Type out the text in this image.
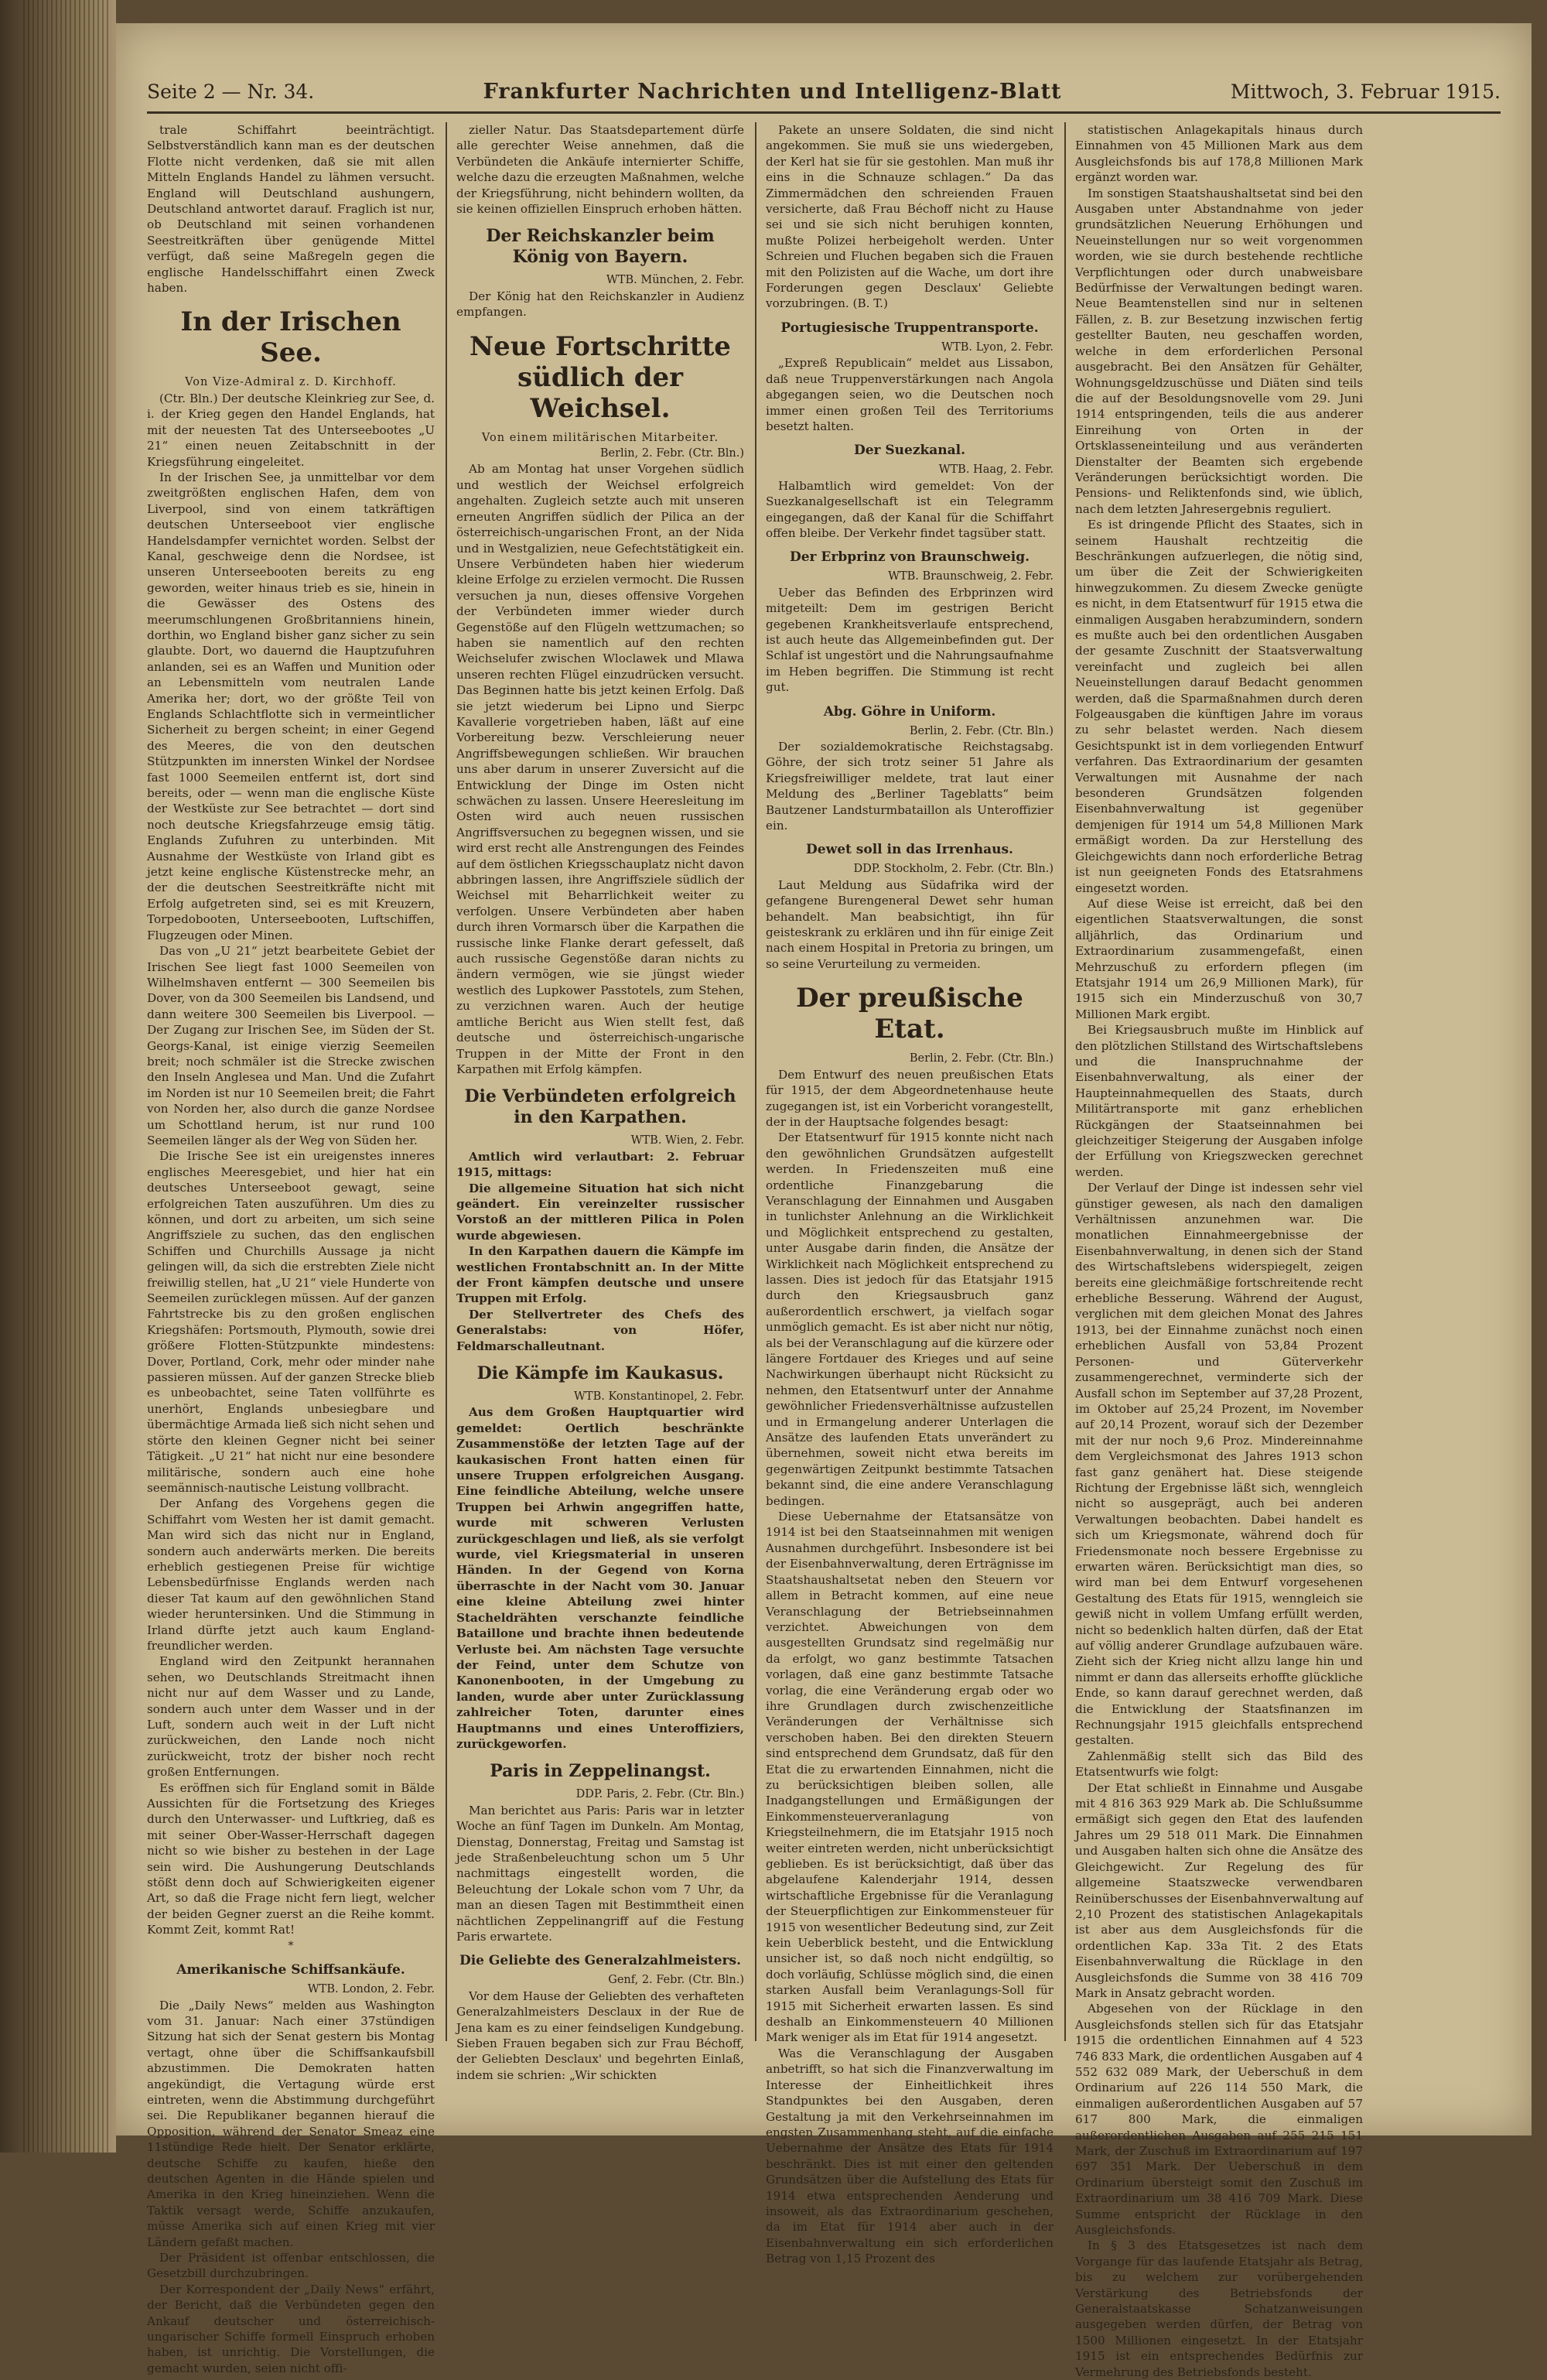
Seite 2 — Nr. 34.	Frankfurter Nachrichten und Intelligenz-Blatt	Mittwoch, 3. Februar 1915.

trale Schiffahrt beeinträchtigt. Selbstverständlich kann man es der deutschen Flotte nicht verdenken, daß sie mit allen Mitteln Englands Handel zu lähmen versucht. England will Deutschland aushungern, Deutschland antwortet darauf. Fraglich ist nur, ob Deutschland mit seinen vorhandenen Seestreitkräften über genügende Mittel verfügt, daß seine Maßregeln gegen die englische Handelsschiffahrt einen Zweck haben.

In der Irischen See.

Von Vize-Admiral z. D. Kirchhoff.

(Ctr. Bln.) Der deutsche Kleinkrieg zur See, d. i. der Krieg gegen den Handel Englands, hat mit der neuesten Tat des Unterseebootes „U 21“ einen neuen Zeitabschnitt in der Kriegsführung eingeleitet.

In der Irischen See, ja unmittelbar vor dem zweitgrößten englischen Hafen, dem von Liverpool, sind von einem tatkräftigen deutschen Unterseeboot vier englische Handelsdampfer vernichtet worden. Selbst der Kanal, geschweige denn die Nordsee, ist unseren Unterseebooten bereits zu eng geworden, weiter hinaus trieb es sie, hinein in die Gewässer des Ostens des meerumschlungenen Großbritanniens hinein, dorthin, wo England bisher ganz sicher zu sein glaubte. Dort, wo dauernd die Hauptzufuhren anlanden, sei es an Waffen und Munition oder an Lebensmitteln vom neutralen Lande Amerika her; dort, wo der größte Teil von Englands Schlachtflotte sich in vermeintlicher Sicherheit zu bergen scheint; in einer Gegend des Meeres, die von den deutschen Stützpunkten im innersten Winkel der Nordsee fast 1000 Seemeilen entfernt ist, dort sind bereits, oder — wenn man die englische Küste der Westküste zur See betrachtet — dort sind noch deutsche Kriegsfahrzeuge emsig tätig. Englands Zufuhren zu unterbinden. Mit Ausnahme der Westküste von Irland gibt es jetzt keine englische Küstenstrecke mehr, an der die deutschen Seestreitkräfte nicht mit Erfolg aufgetreten sind, sei es mit Kreuzern, Torpedobooten, Unterseebooten, Luftschiffen, Flugzeugen oder Minen.

Das von „U 21“ jetzt bearbeitete Gebiet der Irischen See liegt fast 1000 Seemeilen von Wilhelmshaven entfernt — 300 Seemeilen bis Dover, von da 300 Seemeilen bis Landsend, und dann weitere 300 Seemeilen bis Liverpool. — Der Zugang zur Irischen See, im Süden der St. Georgs-Kanal, ist einige vierzig Seemeilen breit; noch schmäler ist die Strecke zwischen den Inseln Anglesea und Man. Und die Zufahrt im Norden ist nur 10 Seemeilen breit; die Fahrt von Norden her, also durch die ganze Nordsee um Schottland herum, ist nur rund 100 Seemeilen länger als der Weg von Süden her.

Die Irische See ist ein ureigenstes inneres englisches Meeresgebiet, und hier hat ein deutsches Unterseeboot gewagt, seine erfolgreichen Taten auszuführen. Um dies zu können, und dort zu arbeiten, um sich seine Angriffsziele zu suchen, das den englischen Schiffen und Churchills Aussage ja nicht gelingen will, da sich die erstrebten Ziele nicht freiwillig stellen, hat „U 21“ viele Hunderte von Seemeilen zurücklegen müssen. Auf der ganzen Fahrtstrecke bis zu den großen englischen Kriegshäfen: Portsmouth, Plymouth, sowie drei größere Flotten-Stützpunkte mindestens: Dover, Portland, Cork, mehr oder minder nahe passieren müssen. Auf der ganzen Strecke blieb es unbeobachtet, seine Taten vollführte es unerhört, Englands unbesiegbare und übermächtige Armada ließ sich nicht sehen und störte den kleinen Gegner nicht bei seiner Tätigkeit. „U 21“ hat nicht nur eine besondere militärische, sondern auch eine hohe seemännisch-nautische Leistung vollbracht.

Der Anfang des Vorgehens gegen die Schiffahrt vom Westen her ist damit gemacht. Man wird sich das nicht nur in England, sondern auch anderwärts merken. Die bereits erheblich gestiegenen Preise für wichtige Lebensbedürfnisse Englands werden nach dieser Tat kaum auf den gewöhnlichen Stand wieder heruntersinken. Und die Stimmung in Irland dürfte jetzt auch kaum England-freundlicher werden.

England wird den Zeitpunkt herannahen sehen, wo Deutschlands Streitmacht ihnen nicht nur auf dem Wasser und zu Lande, sondern auch unter dem Wasser und in der Luft, sondern auch weit in der Luft nicht zurückweichen, den Lande noch nicht zurückweicht, trotz der bisher noch recht großen Entfernungen.

Es eröffnen sich für England somit in Bälde Aussichten für die Fortsetzung des Krieges durch den Unterwasser- und Luftkrieg, daß es mit seiner Ober-Wasser-Herrschaft dagegen nicht so wie bisher zu bestehen in der Lage sein wird. Die Aushungerung Deutschlands stößt denn doch auf Schwierigkeiten eigener Art, so daß die Frage nicht fern liegt, welcher der beiden Gegner zuerst an die Reihe kommt. Kommt Zeit, kommt Rat!

*

Amerikanische Schiffsankäufe.

WTB. London, 2. Febr.

Die „Daily News“ melden aus Washington vom 31. Januar: Nach einer 37stündigen Sitzung hat sich der Senat gestern bis Montag vertagt, ohne über die Schiffsankaufsbill abzustimmen. Die Demokraten hatten angekündigt, die Vertagung würde erst eintreten, wenn die Abstimmung durchgeführt sei. Die Republikaner begannen hierauf die Opposition, während der Senator Smeaz eine 11stündige Rede hielt. Der Senator erklärte, deutsche Schiffe zu kaufen, hieße den deutschen Agenten in die Hände spielen und Amerika in den Krieg hineinziehen. Wenn die Taktik versagt werde, Schiffe anzukaufen, müsse Amerika sich auf einen Krieg mit vier Ländern gefaßt machen.

Der Präsident ist offenbar entschlossen, die Gesetzbill durchzubringen.

Der Korrespondent der „Daily News“ erfährt, der Bericht, daß die Verbündeten gegen den Ankauf deutscher und österreichisch-ungarischer Schiffe formell Einspruch erhoben haben, ist unrichtig. Die Vorstellungen, die gemacht wurden, seien nicht offi-

zieller Natur. Das Staatsdepartement dürfe alle gerechter Weise annehmen, daß die Verbündeten die Ankäufe internierter Schiffe, welche dazu die erzeugten Maßnahmen, welche der Kriegsführung, nicht behindern wollten, da sie keinen offiziellen Einspruch erhoben hätten.

Der Reichskanzler beim König von Bayern.

WTB. München, 2. Febr.

Der König hat den Reichskanzler in Audienz empfangen.

Neue Fortschritte südlich der Weichsel.

Von einem militärischen Mitarbeiter.

Berlin, 2. Febr. (Ctr. Bln.)

Ab am Montag hat unser Vorgehen südlich und westlich der Weichsel erfolgreich angehalten. Zugleich setzte auch mit unseren erneuten Angriffen südlich der Pilica an der österreichisch-ungarischen Front, an der Nida und in Westgalizien, neue Gefechtstätigkeit ein. Unsere Verbündeten haben hier wiederum kleine Erfolge zu erzielen vermocht. Die Russen versuchen ja nun, dieses offensive Vorgehen der Verbündeten immer wieder durch Gegenstöße auf den Flügeln wettzumachen; so haben sie namentlich auf den rechten Weichselufer zwischen Wloclawek und Mlawa unseren rechten Flügel einzudrücken versucht. Das Beginnen hatte bis jetzt keinen Erfolg. Daß sie jetzt wiederum bei Lipno und Sierpc Kavallerie vorgetrieben haben, läßt auf eine Vorbereitung bezw. Verschleierung neuer Angriffsbewegungen schließen. Wir brauchen uns aber darum in unserer Zuversicht auf die Entwicklung der Dinge im Osten nicht schwächen zu lassen. Unsere Heeresleitung im Osten wird auch neuen russischen Angriffsversuchen zu begegnen wissen, und sie wird erst recht alle Anstrengungen des Feindes auf dem östlichen Kriegsschauplatz nicht davon abbringen lassen, ihre Angriffsziele südlich der Weichsel mit Beharrlichkeit weiter zu verfolgen. Unsere Verbündeten aber haben durch ihren Vormarsch über die Karpathen die russische linke Flanke derart gefesselt, daß auch russische Gegenstöße daran nichts zu ändern vermögen, wie sie jüngst wieder westlich des Lupkower Passtotels, zum Stehen, zu verzichnen waren. Auch der heutige amtliche Bericht aus Wien stellt fest, daß deutsche und österreichisch-ungarische Truppen in der Mitte der Front in den Karpathen mit Erfolg kämpfen.

Die Verbündeten erfolgreich in den Karpathen.

WTB. Wien, 2. Febr.

Amtlich wird verlautbart: 2. Februar 1915, mittags:

Die allgemeine Situation hat sich nicht geändert. Ein vereinzelter russischer Vorstoß an der mittleren Pilica in Polen wurde abgewiesen.

In den Karpathen dauern die Kämpfe im westlichen Frontabschnitt an. In der Mitte der Front kämpfen deutsche und unsere Truppen mit Erfolg.

Der Stellvertreter des Chefs des Generalstabs: von Höfer, Feldmarschalleutnant.

Die Kämpfe im Kaukasus.

WTB. Konstantinopel, 2. Febr.

Aus dem Großen Hauptquartier wird gemeldet: Oertlich beschränkte Zusammenstöße der letzten Tage auf der kaukasischen Front hatten einen für unsere Truppen erfolgreichen Ausgang. Eine feindliche Abteilung, welche unsere Truppen bei Arhwin angegriffen hatte, wurde mit schweren Verlusten zurückgeschlagen und ließ, als sie verfolgt wurde, viel Kriegsmaterial in unseren Händen. In der Gegend von Korna überraschte in der Nacht vom 30. Januar eine kleine Abteilung zwei hinter Stacheldrähten verschanzte feindliche Bataillone und brachte ihnen bedeutende Verluste bei. Am nächsten Tage versuchte der Feind, unter dem Schutze von Kanonenbooten, in der Umgebung zu landen, wurde aber unter Zurücklassung zahlreicher Toten, darunter eines Hauptmanns und eines Unteroffiziers, zurückgeworfen.

Paris in Zeppelinangst.

DDP. Paris, 2. Febr. (Ctr. Bln.)

Man berichtet aus Paris: Paris war in letzter Woche an fünf Tagen im Dunkeln. Am Montag, Dienstag, Donnerstag, Freitag und Samstag ist jede Straßenbeleuchtung schon um 5 Uhr nachmittags eingestellt worden, die Beleuchtung der Lokale schon vom 7 Uhr, da man an diesen Tagen mit Bestimmtheit einen nächtlichen Zeppelinangriff auf die Festung Paris erwartete.

Die Geliebte des Generalzahlmeisters.

Genf, 2. Febr. (Ctr. Bln.)

Vor dem Hause der Geliebten des verhafteten Generalzahlmeisters Desclaux in der Rue de Jena kam es zu einer feindseligen Kundgebung. Sieben Frauen begaben sich zur Frau Béchoff, der Geliebten Desclaux' und begehrten Einlaß, indem sie schrien: „Wir schickten

Pakete an unsere Soldaten, die sind nicht angekommen. Sie muß sie uns wiedergeben, der Kerl hat sie für sie gestohlen. Man muß ihr eins in die Schnauze schlagen.“ Da das Zimmermädchen den schreienden Frauen versicherte, daß Frau Béchoff nicht zu Hause sei und sie sich nicht beruhigen konnten, mußte Polizei herbeigeholt werden. Unter Schreien und Fluchen begaben sich die Frauen mit den Polizisten auf die Wache, um dort ihre Forderungen gegen Desclaux' Geliebte vorzubringen. (B. T.)

Portugiesische Truppentransporte.

WTB. Lyon, 2. Febr.

„Expreß Republicain“ meldet aus Lissabon, daß neue Truppenverstärkungen nach Angola abgegangen seien, wo die Deutschen noch immer einen großen Teil des Territoriums besetzt halten.

Der Suezkanal.

WTB. Haag, 2. Febr.

Halbamtlich wird gemeldet: Von der Suezkanalgesellschaft ist ein Telegramm eingegangen, daß der Kanal für die Schiffahrt offen bleibe. Der Verkehr findet tagsüber statt.

Der Erbprinz von Braunschweig.

WTB. Braunschweig, 2. Febr.

Ueber das Befinden des Erbprinzen wird mitgeteilt: Dem im gestrigen Bericht gegebenen Krankheitsverlaufe entsprechend, ist auch heute das Allgemeinbefinden gut. Der Schlaf ist ungestört und die Nahrungsaufnahme im Heben begriffen. Die Stimmung ist recht gut.

Abg. Göhre in Uniform.

Berlin, 2. Febr. (Ctr. Bln.)

Der sozialdemokratische Reichstagsabg. Göhre, der sich trotz seiner 51 Jahre als Kriegsfreiwilliger meldete, trat laut einer Meldung des „Berliner Tageblatts“ beim Bautzener Landsturmbataillon als Unteroffizier ein.

Dewet soll in das Irrenhaus.

DDP. Stockholm, 2. Febr. (Ctr. Bln.)

Laut Meldung aus Südafrika wird der gefangene Burengeneral Dewet sehr human behandelt. Man beabsichtigt, ihn für geisteskrank zu erklären und ihn für einige Zeit nach einem Hospital in Pretoria zu bringen, um so seine Verurteilung zu vermeiden.

Der preußische Etat.

Berlin, 2. Febr. (Ctr. Bln.)

Dem Entwurf des neuen preußischen Etats für 1915, der dem Abgeordnetenhause heute zugegangen ist, ist ein Vorbericht vorangestellt, der in der Hauptsache folgendes besagt:

Der Etatsentwurf für 1915 konnte nicht nach den gewöhnlichen Grundsätzen aufgestellt werden. In Friedenszeiten muß eine ordentliche Finanzgebarung die Veranschlagung der Einnahmen und Ausgaben in tunlichster Anlehnung an die Wirklichkeit und Möglichkeit entsprechend zu gestalten, unter Ausgabe darin finden, die Ansätze der Wirklichkeit nach Möglichkeit entsprechend zu lassen. Dies ist jedoch für das Etatsjahr 1915 durch den Kriegsausbruch ganz außerordentlich erschwert, ja vielfach sogar unmöglich gemacht. Es ist aber nicht nur nötig, als bei der Veranschlagung auf die kürzere oder längere Fortdauer des Krieges und auf seine Nachwirkungen überhaupt nicht Rücksicht zu nehmen, den Etatsentwurf unter der Annahme gewöhnlicher Friedensverhältnisse aufzustellen und in Ermangelung anderer Unterlagen die Ansätze des laufenden Etats unverändert zu übernehmen, soweit nicht etwa bereits im gegenwärtigen Zeitpunkt bestimmte Tatsachen bekannt sind, die eine andere Veranschlagung bedingen.

Diese Uebernahme der Etatsansätze von 1914 ist bei den Staatseinnahmen mit wenigen Ausnahmen durchgeführt. Insbesondere ist bei der Eisenbahnverwaltung, deren Erträgnisse im Staatshaushaltsetat neben den Steuern vor allem in Betracht kommen, auf eine neue Veranschlagung der Betriebseinnahmen verzichtet. Abweichungen von dem ausgestellten Grundsatz sind regelmäßig nur da erfolgt, wo ganz bestimmte Tatsachen vorlagen, daß eine ganz bestimmte Tatsache vorlag, die eine Veränderung ergab oder wo ihre Grundlagen durch zwischenzeitliche Veränderungen der Verhältnisse sich verschoben haben. Bei den direkten Steuern sind entsprechend dem Grundsatz, daß für den Etat die zu erwartenden Einnahmen, nicht die zu berücksichtigen bleiben sollen, alle Inadgangstellungen und Ermäßigungen der Einkommensteuerveranlagung von Kriegsteilnehmern, die im Etatsjahr 1915 noch weiter eintreten werden, nicht unberücksichtigt geblieben. Es ist berücksichtigt, daß über das abgelaufene Kalenderjahr 1914, dessen wirtschaftliche Ergebnisse für die Veranlagung der Steuerpflichtigen zur Einkommensteuer für 1915 von wesentlicher Bedeutung sind, zur Zeit kein Ueberblick besteht, und die Entwicklung unsicher ist, so daß noch nicht endgültig, so doch vorläufig, Schlüsse möglich sind, die einen starken Ausfall beim Veranlagungs-Soll für 1915 mit Sicherheit erwarten lassen. Es sind deshalb an Einkommensteuern 40 Millionen Mark weniger als im Etat für 1914 angesetzt.

Was die Veranschlagung der Ausgaben anbetrifft, so hat sich die Finanzverwaltung im Interesse der Einheitlichkeit ihres Standpunktes bei den Ausgaben, deren Gestaltung ja mit den Verkehrseinnahmen im engsten Zusammenhang steht, auf die einfache Uebernahme der Ansätze des Etats für 1914 beschränkt. Dies ist mit einer den geltenden Grundsätzen über die Aufstellung des Etats für 1914 etwa entsprechenden Aenderung und insoweit, als das Extraordinarium geschehen, da im Etat für 1914 aber auch in der Eisenbahnverwaltung ein sich erforderlichen Betrag von 1,15 Prozent des

statistischen Anlagekapitals hinaus durch Einnahmen von 45 Millionen Mark aus dem Ausgleichsfonds bis auf 178,8 Millionen Mark ergänzt worden war.

Im sonstigen Staatshaushaltsetat sind bei den Ausgaben unter Abstandnahme von jeder grundsätzlichen Neuerung Erhöhungen und Neueinstellungen nur so weit vorgenommen worden, wie sie durch bestehende rechtliche Verpflichtungen oder durch unabweisbare Bedürfnisse der Verwaltungen bedingt waren. Neue Beamtenstellen sind nur in seltenen Fällen, z. B. zur Besetzung inzwischen fertig gestellter Bauten, neu geschaffen worden, welche in dem erforderlichen Personal ausgebracht. Bei den Ansätzen für Gehälter, Wohnungsgeldzuschüsse und Diäten sind teils die auf der Besoldungsnovelle vom 29. Juni 1914 entspringenden, teils die aus anderer Einreihung von Orten in der Ortsklasseneinteilung und aus veränderten Dienstalter der Beamten sich ergebende Veränderungen berücksichtigt worden. Die Pensions- und Reliktenfonds sind, wie üblich, nach dem letzten Jahresergebnis reguliert.

Es ist dringende Pflicht des Staates, sich in seinem Haushalt rechtzeitig die Beschränkungen aufzuerlegen, die nötig sind, um über die Zeit der Schwierigkeiten hinwegzukommen. Zu diesem Zwecke genügte es nicht, in dem Etatsentwurf für 1915 etwa die einmaligen Ausgaben herabzumindern, sondern es mußte auch bei den ordentlichen Ausgaben der gesamte Zuschnitt der Staatsverwaltung vereinfacht und zugleich bei allen Neueinstellungen darauf Bedacht genommen werden, daß die Sparmaßnahmen durch deren Folgeausgaben die künftigen Jahre im voraus zu sehr belastet werden. Nach diesem Gesichtspunkt ist in dem vorliegenden Entwurf verfahren. Das Extraordinarium der gesamten Verwaltungen mit Ausnahme der nach besonderen Grundsätzen folgenden Eisenbahnverwaltung ist gegenüber demjenigen für 1914 um 54,8 Millionen Mark ermäßigt worden. Da zur Herstellung des Gleichgewichts dann noch erforderliche Betrag ist nun geeigneten Fonds des Etatsrahmens eingesetzt worden.

Auf diese Weise ist erreicht, daß bei den eigentlichen Staatsverwaltungen, die sonst alljährlich, das Ordinarium und Extraordinarium zusammengefaßt, einen Mehrzuschuß zu erfordern pflegen (im Etatsjahr 1914 um 26,9 Millionen Mark), für 1915 sich ein Minderzuschuß von 30,7 Millionen Mark ergibt.

Bei Kriegsausbruch mußte im Hinblick auf den plötzlichen Stillstand des Wirtschaftslebens und die Inanspruchnahme der Eisenbahnverwaltung, als einer der Haupteinnahmequellen des Staats, durch Militärtransporte mit ganz erheblichen Rückgängen der Staatseinnahmen bei gleichzeitiger Steigerung der Ausgaben infolge der Erfüllung von Kriegszwecken gerechnet werden.

Der Verlauf der Dinge ist indessen sehr viel günstiger gewesen, als nach den damaligen Verhältnissen anzunehmen war. Die monatlichen Einnahmeergebnisse der Eisenbahnverwaltung, in denen sich der Stand des Wirtschaftslebens widerspiegelt, zeigen bereits eine gleichmäßige fortschreitende recht erhebliche Besserung. Während der August, verglichen mit dem gleichen Monat des Jahres 1913, bei der Einnahme zunächst noch einen erheblichen Ausfall von 53,84 Prozent Personen- und Güterverkehr zusammengerechnet, verminderte sich der Ausfall schon im September auf 37,28 Prozent, im Oktober auf 25,24 Prozent, im November auf 20,14 Prozent, worauf sich der Dezember mit der nur noch 9,6 Proz. Mindereinnahme dem Vergleichsmonat des Jahres 1913 schon fast ganz genähert hat. Diese steigende Richtung der Ergebnisse läßt sich, wenngleich nicht so ausgeprägt, auch bei anderen Verwaltungen beobachten. Dabei handelt es sich um Kriegsmonate, während doch für Friedensmonate noch bessere Ergebnisse zu erwarten wären. Berücksichtigt man dies, so wird man bei dem Entwurf vorgesehenen Gestaltung des Etats für 1915, wenngleich sie gewiß nicht in vollem Umfang erfüllt werden, nicht so bedenklich halten dürfen, daß der Etat auf völlig anderer Grundlage aufzubauen wäre. Zieht sich der Krieg nicht allzu lange hin und nimmt er dann das allerseits erhoffte glückliche Ende, so kann darauf gerechnet werden, daß die Entwicklung der Staatsfinanzen im Rechnungsjahr 1915 gleichfalls entsprechend gestalten.

Zahlenmäßig stellt sich das Bild des Etatsentwurfs wie folgt:

Der Etat schließt in Einnahme und Ausgabe mit 4 816 363 929 Mark ab. Die Schlußsumme ermäßigt sich gegen den Etat des laufenden Jahres um 29 518 011 Mark. Die Einnahmen und Ausgaben halten sich ohne die Ansätze des Gleichgewicht. Zur Regelung des für allgemeine Staatszwecke verwendbaren Reinüberschusses der Eisenbahnverwaltung auf 2,10 Prozent des statistischen Anlagekapitals ist aber aus dem Ausgleichsfonds für die ordentlichen Kap. 33a Tit. 2 des Etats Eisenbahnverwaltung die Rücklage in den Ausgleichsfonds die Summe von 38 416 709 Mark in Ansatz gebracht worden.

Abgesehen von der Rücklage in den Ausgleichsfonds stellen sich für das Etatsjahr 1915 die ordentlichen Einnahmen auf 4 523 746 833 Mark, die ordentlichen Ausgaben auf 4 552 632 089 Mark, der Ueberschuß in dem Ordinarium auf 226 114 550 Mark, die einmaligen außerordentlichen Ausgaben auf 57 617 800 Mark, die einmaligen außerordentlichen Ausgaben auf 255 215 151 Mark, der Zuschuß im Extraordinarium auf 197 697 351 Mark. Der Ueberschuß in dem Ordinarium übersteigt somit den Zuschuß im Extraordinarium um 38 416 709 Mark. Diese Summe entspricht der Rücklage in den Ausgleichsfonds.

In § 3 des Etatsgesetzes ist nach dem Vorgange für das laufende Etatsjahr als Betrag, bis zu welchem zur vorübergehenden Verstärkung des Betriebsfonds der Generalstaatskasse Schatzanweisungen ausgegeben werden dürfen, der Betrag von 1500 Millionen eingesetzt. In der Etatsjahr 1915 ist ein entsprechendes Bedürfnis zur Vermehrung des Betriebsfonds besteht.
